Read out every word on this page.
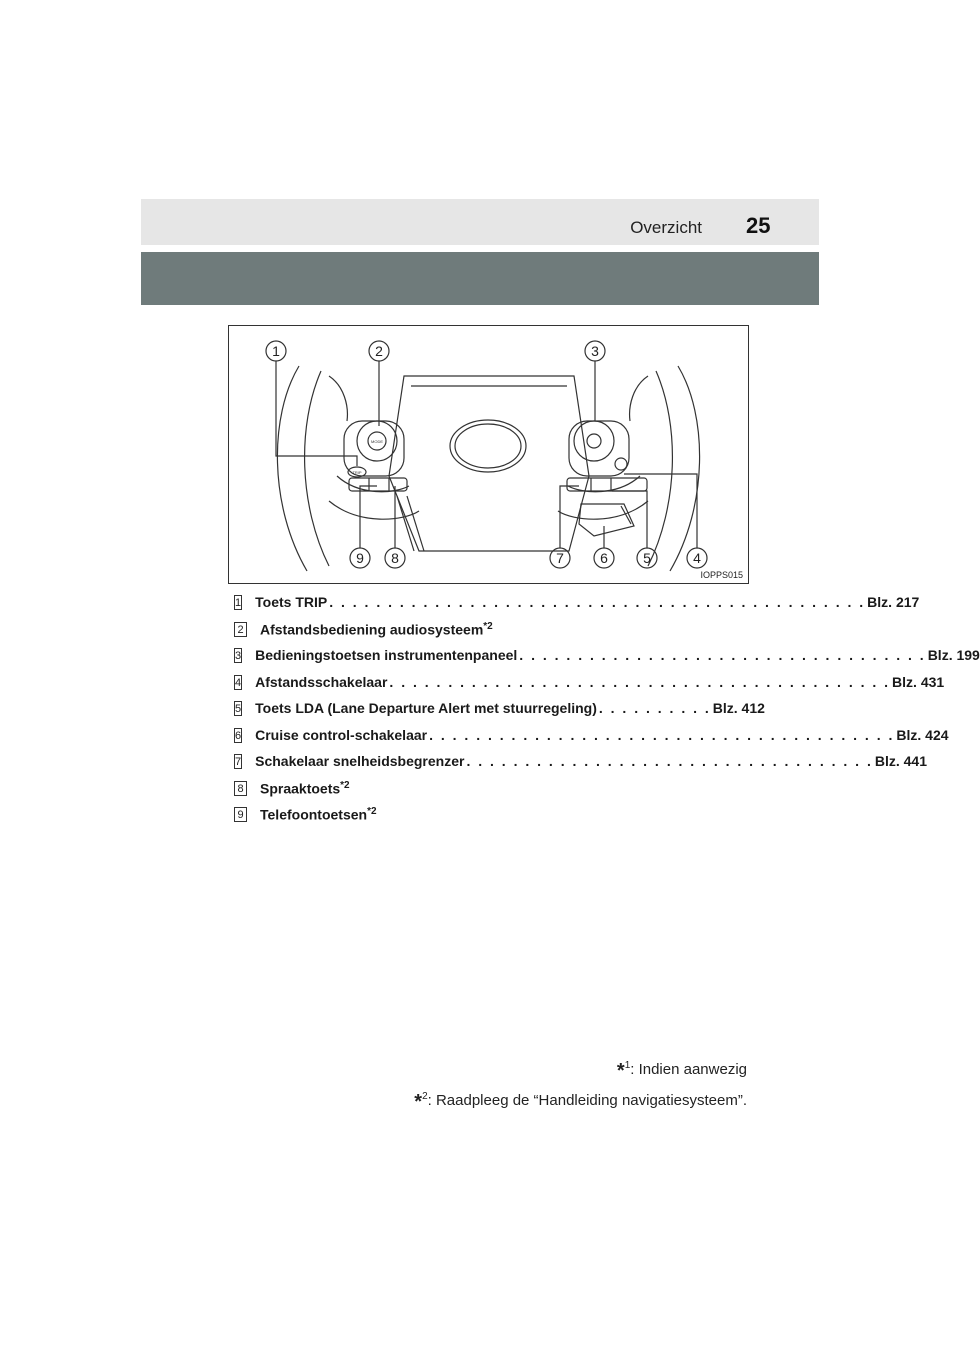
Overzicht 25
1	2	3
4
5
6
7
8
9
TRIP
MODE
IOPPS015
1 Toets TRIP . . . . . . . . . . . . . . . . . . . . . . . . . . . . . . . . . . . . . . . . . . . . . . Blz. 217
2 Afstandsbediening audiosysteem$^{*2}$
3 Bedieningstoetsen instrumentenpaneel . . . . . . . . . . . . . . . . . . . . . . . . . . . . . . . . . . . Blz. 199
4 Afstandsschakelaar . . . . . . . . . . . . . . . . . . . . . . . . . . . . . . . . . . . . . . . . . . . Blz. 431
5 Toets LDA (Lane Departure Alert met stuurregeling) . . . . . . . . . . Blz. 412
6 Cruise control-schakelaar . . . . . . . . . . . . . . . . . . . . . . . . . . . . . . . . . . . . . . . . Blz. 424
7 Schakelaar snelheidsbegrenzer . . . . . . . . . . . . . . . . . . . . . . . . . . . . . . . . . . . Blz. 441
8 Spraaktoets$^{*2}$
9 Telefoontoetsen$^{*2}$
*$^1$: Indien aanwezig
*$^2$: Raadpleeg de “Handleiding navigatiesysteem”.
